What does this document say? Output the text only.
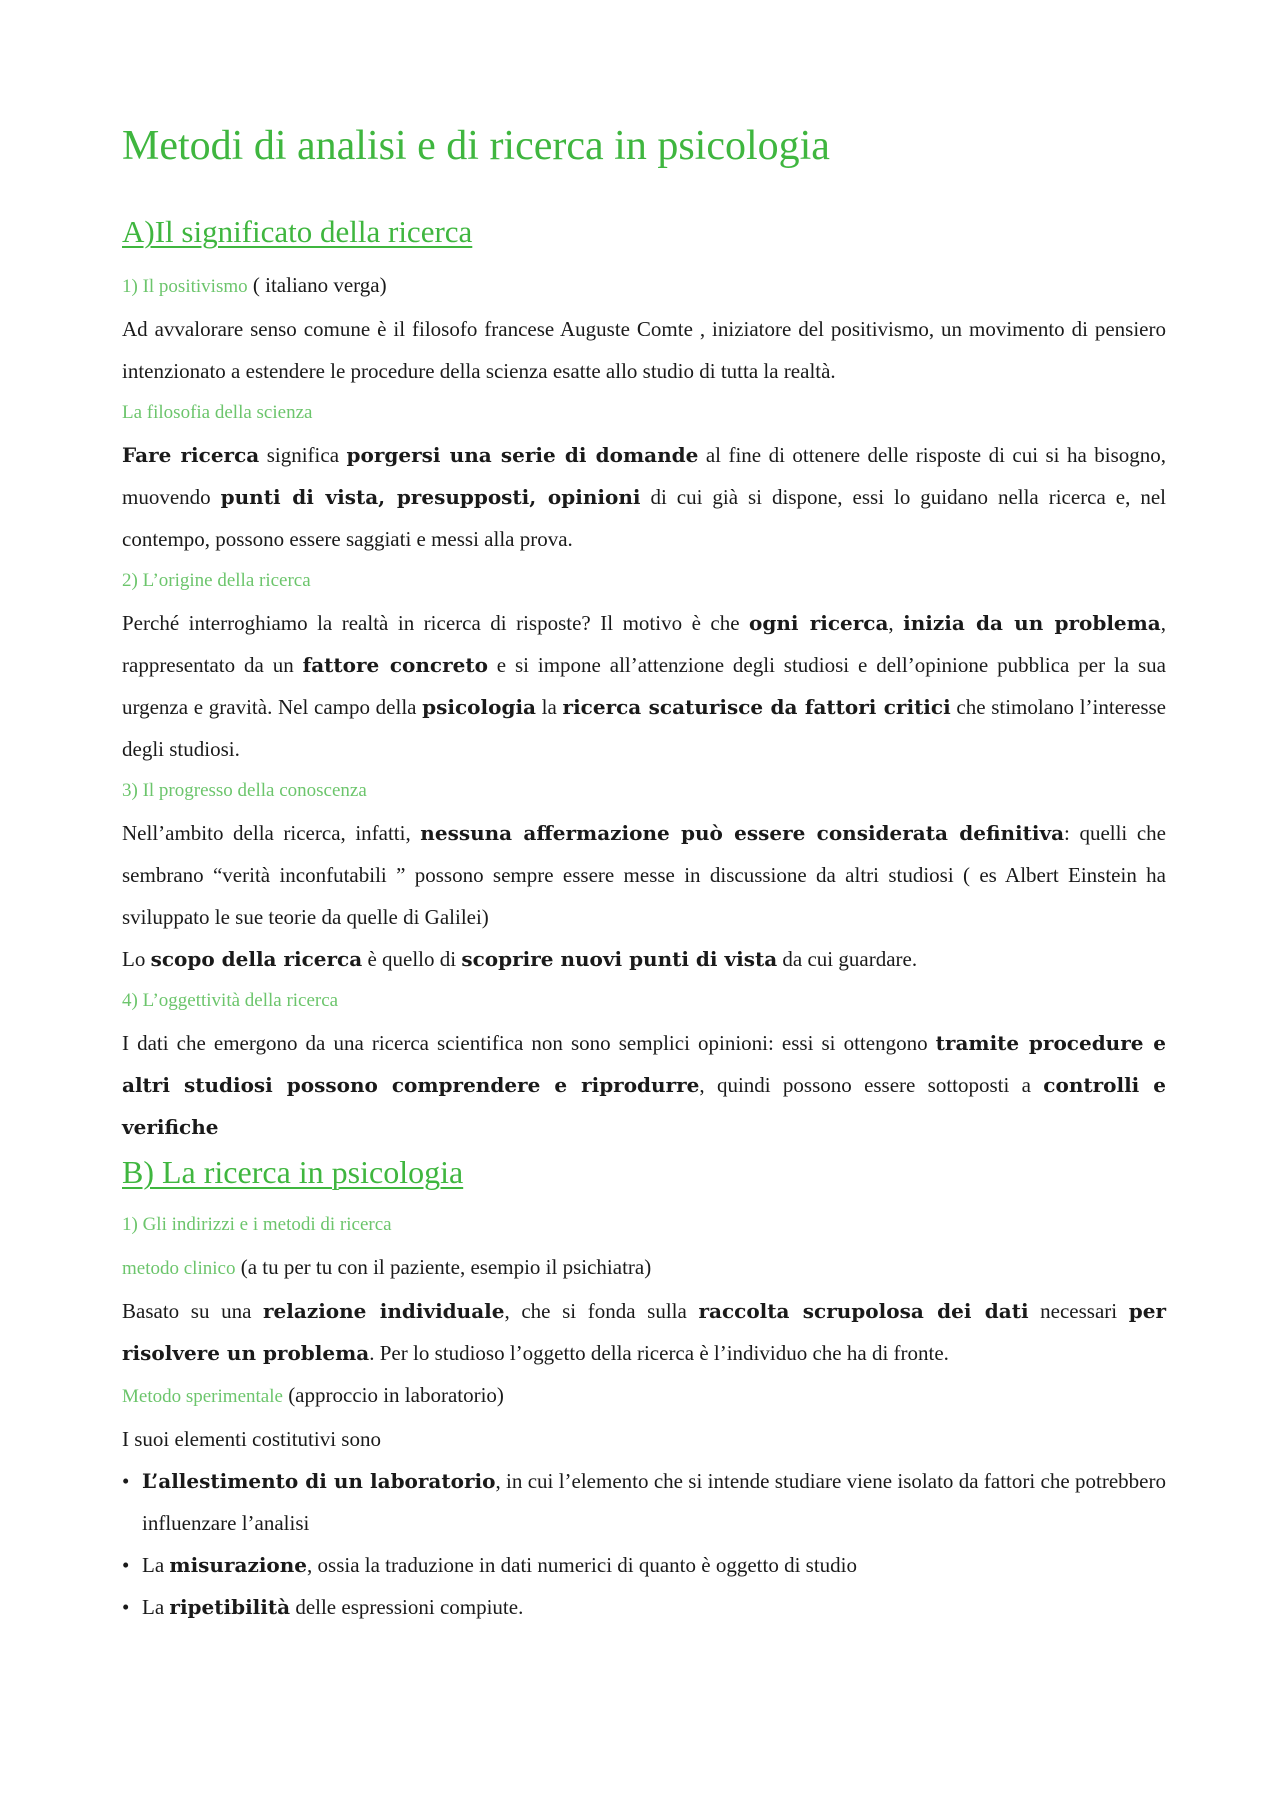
Metodi di analisi e di ricerca in psicologia
A)Il significato della ricerca

1) Il positivismo ( italiano verga)

Ad avvalorare senso comune è il filosofo francese Auguste Comte , iniziatore del positivismo, un movimento di pensiero intenzionato a estendere le procedure della scienza esatte allo studio di tutta la realtà.

La filosofia della scienza

Fare ricerca significa porgersi una serie di domande al fine di ottenere delle risposte di cui si ha bisogno, muovendo punti di vista, presupposti, opinioni di cui già si dispone, essi lo guidano nella ricerca e, nel contempo, possono essere saggiati e messi alla prova.

2) L’origine della ricerca

Perché interroghiamo la realtà in ricerca di risposte? Il motivo è che ogni ricerca, inizia da un problema, rappresentato da un fattore concreto e si impone all’attenzione degli studiosi e dell’opinione pubblica per la sua urgenza e gravità. Nel campo della psicologia la ricerca scaturisce da fattori critici che stimolano l’interesse degli studiosi.

3) Il progresso della conoscenza

Nell’ambito della ricerca, infatti, nessuna affermazione può essere considerata definitiva: quelli che sembrano “verità inconfutabili ” possono sempre essere messe in discussione da altri studiosi ( es Albert Einstein ha sviluppato le sue teorie da quelle di Galilei)

Lo scopo della ricerca è quello di scoprire nuovi punti di vista da cui guardare.

4) L’oggettività della ricerca

I dati che emergono da una ricerca scientifica non sono semplici opinioni: essi si ottengono tramite procedure e altri studiosi possono comprendere e riprodurre, quindi possono essere sottoposti a controlli e verifiche

B) La ricerca in psicologia

1) Gli indirizzi e i metodi di ricerca

metodo clinico (a tu per tu con il paziente, esempio il psichiatra)

Basato su una relazione individuale, che si fonda sulla raccolta scrupolosa dei dati necessari per risolvere un problema. Per lo studioso l’oggetto della ricerca è l’individuo che ha di fronte.

Metodo sperimentale (approccio in laboratorio)

I suoi elementi costitutivi sono

• L’allestimento di un laboratorio, in cui l’elemento che si intende studiare viene isolato da fattori che potrebbero influenzare l’analisi
• La misurazione, ossia la traduzione in dati numerici di quanto è oggetto di studio
• La ripetibilità delle espressioni compiute.
